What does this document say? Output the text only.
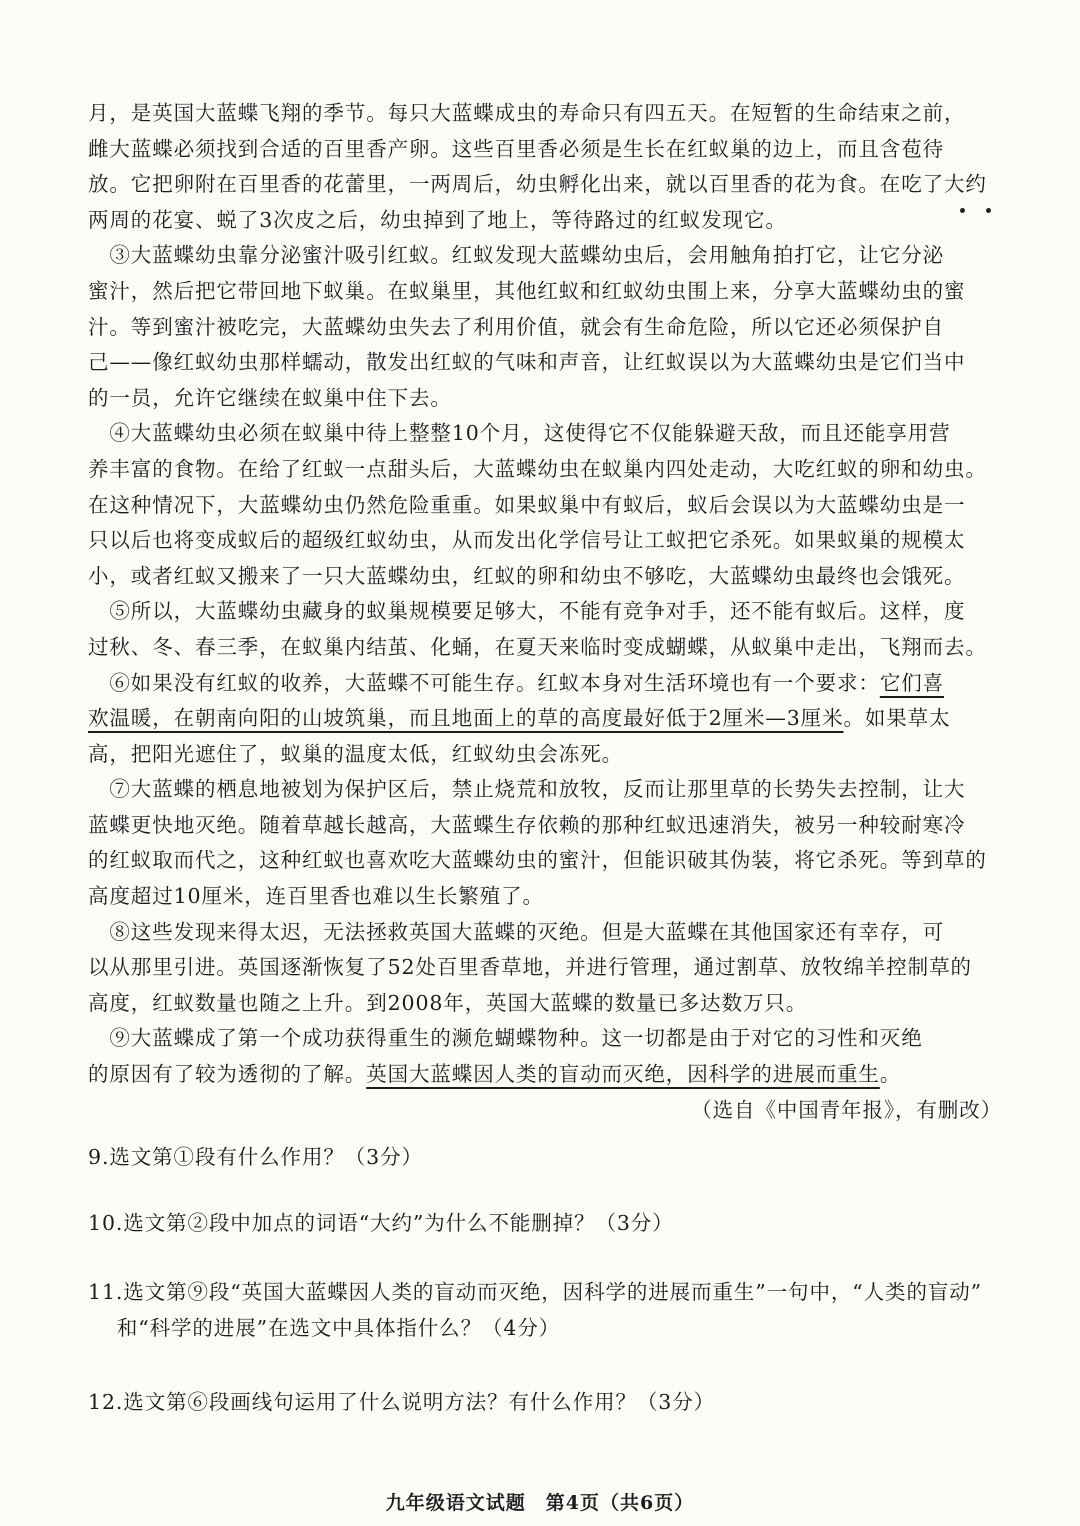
月，是英国大蓝蝶飞翔的季节。每只大蓝蝶成虫的寿命只有四五天。在短暂的生命结束之前，
雌大蓝蝶必须找到合适的百里香产卵。这些百里香必须是生长在红蚁巢的边上，而且含苞待
放。它把卵附在百里香的花蕾里，一两周后，幼虫孵化出来，就以百里香的花为食。在吃了大约
两周的花宴、蜕了3次皮之后，幼虫掉到了地上，等待路过的红蚁发现它。
　③大蓝蝶幼虫靠分泌蜜汁吸引红蚁。红蚁发现大蓝蝶幼虫后，会用触角拍打它，让它分泌
蜜汁，然后把它带回地下蚁巢。在蚁巢里，其他红蚁和红蚁幼虫围上来，分享大蓝蝶幼虫的蜜
汁。等到蜜汁被吃完，大蓝蝶幼虫失去了利用价值，就会有生命危险，所以它还必须保护自
己——像红蚁幼虫那样蠕动，散发出红蚁的气味和声音，让红蚁误以为大蓝蝶幼虫是它们当中
的一员，允许它继续在蚁巢中住下去。
　④大蓝蝶幼虫必须在蚁巢中待上整整10个月，这使得它不仅能躲避天敌，而且还能享用营
养丰富的食物。在给了红蚁一点甜头后，大蓝蝶幼虫在蚁巢内四处走动，大吃红蚁的卵和幼虫。
在这种情况下，大蓝蝶幼虫仍然危险重重。如果蚁巢中有蚁后，蚁后会误以为大蓝蝶幼虫是一
只以后也将变成蚁后的超级红蚁幼虫，从而发出化学信号让工蚁把它杀死。如果蚁巢的规模太
小，或者红蚁又搬来了一只大蓝蝶幼虫，红蚁的卵和幼虫不够吃，大蓝蝶幼虫最终也会饿死。
　⑤所以，大蓝蝶幼虫藏身的蚁巢规模要足够大，不能有竞争对手，还不能有蚁后。这样，度
过秋、冬、春三季，在蚁巢内结茧、化蛹，在夏天来临时变成蝴蝶，从蚁巢中走出，飞翔而去。
　⑥如果没有红蚁的收养，大蓝蝶不可能生存。红蚁本身对生活环境也有一个要求：它们喜
欢温暖，在朝南向阳的山坡筑巢，而且地面上的草的高度最好低于2厘米—3厘米。如果草太
高，把阳光遮住了，蚁巢的温度太低，红蚁幼虫会冻死。
　⑦大蓝蝶的栖息地被划为保护区后，禁止烧荒和放牧，反而让那里草的长势失去控制，让大
蓝蝶更快地灭绝。随着草越长越高，大蓝蝶生存依赖的那种红蚁迅速消失，被另一种较耐寒冷
的红蚁取而代之，这种红蚁也喜欢吃大蓝蝶幼虫的蜜汁，但能识破其伪装，将它杀死。等到草的
高度超过10厘米，连百里香也难以生长繁殖了。
　⑧这些发现来得太迟，无法拯救英国大蓝蝶的灭绝。但是大蓝蝶在其他国家还有幸存，可
以从那里引进。英国逐渐恢复了52处百里香草地，并进行管理，通过割草、放牧绵羊控制草的
高度，红蚁数量也随之上升。到2008年，英国大蓝蝶的数量已多达数万只。
　⑨大蓝蝶成了第一个成功获得重生的濒危蝴蝶物种。这一切都是由于对它的习性和灭绝
的原因有了较为透彻的了解。英国大蓝蝶因人类的盲动而灭绝，因科学的进展而重生。
（选自《中国青年报》，有删改）
9.选文第①段有什么作用？（3分）
10.选文第②段中加点的词语“大约”为什么不能删掉？（3分）
11.选文第⑨段“英国大蓝蝶因人类的盲动而灭绝，因科学的进展而重生”一句中，“人类的盲动”
　 和“科学的进展”在选文中具体指什么？（4分）
12.选文第⑥段画线句运用了什么说明方法？有什么作用？（3分）
九年级语文试题　第4页（共6页）
